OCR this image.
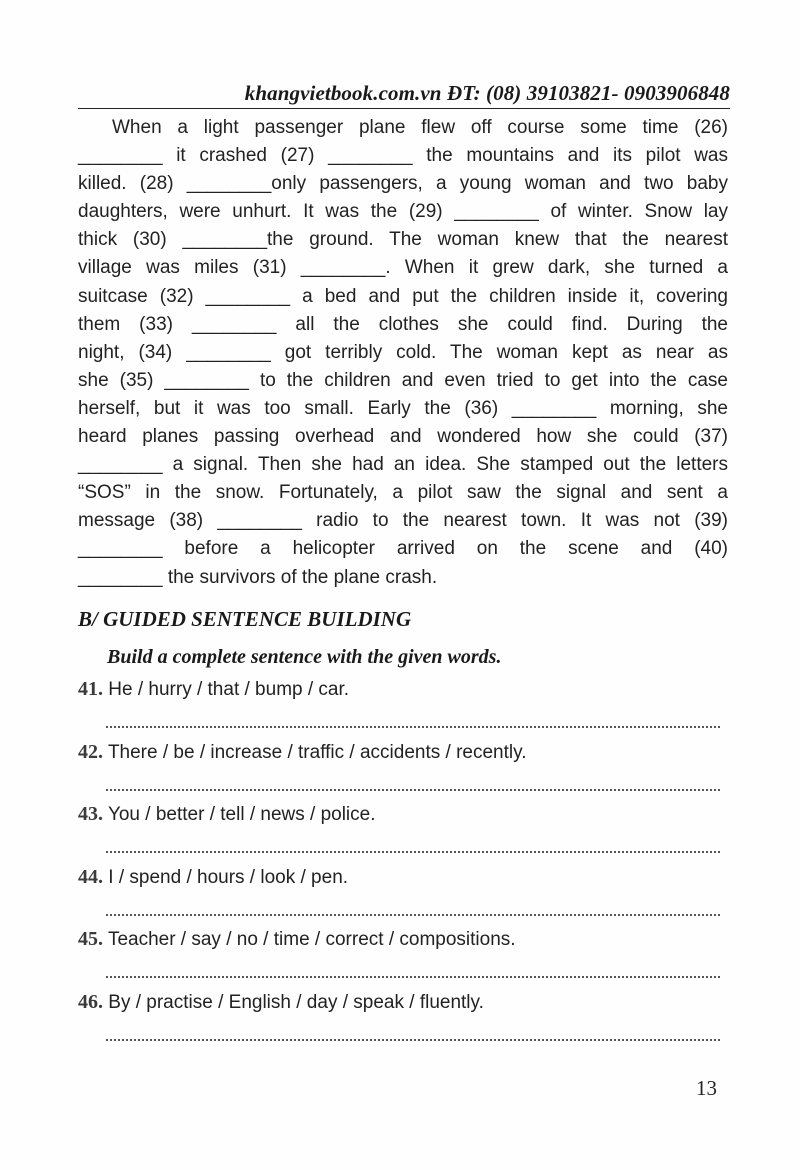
khangvietbook.com.vn ĐT: (08) 39103821- 0903906848
When a light passenger plane flew off course some time (26)
________ it crashed (27) ________ the mountains and its pilot was
killed. (28) ________only passengers, a young woman and two baby
daughters, were unhurt. It was the (29) ________ of winter. Snow lay
thick (30) ________the ground. The woman knew that the nearest
village was miles (31) ________. When it grew dark, she turned a
suitcase (32) ________ a bed and put the children inside it, covering
them (33) ________ all the clothes she could find. During the
night, (34) ________ got terribly cold. The woman kept as near as
she (35) ________ to the children and even tried to get into the case
herself, but it was too small. Early the (36) ________ morning, she
heard planes passing overhead and wondered how she could (37)
________ a signal. Then she had an idea. She stamped out the letters
“SOS” in the snow. Fortunately, a pilot saw the signal and sent a
message (38) ________ radio to the nearest town. It was not (39)
________ before a helicopter arrived on the scene and (40)
________ the survivors of the plane crash.
B/ GUIDED SENTENCE BUILDING
Build a complete sentence with the given words.
41. He / hurry / that / bump / car.
42. There / be / increase / traffic / accidents / recently.
43. You / better / tell / news / police.
44. I / spend / hours / look / pen.
45. Teacher / say / no / time / correct / compositions.
46. By / practise / English / day / speak / fluently.
13
